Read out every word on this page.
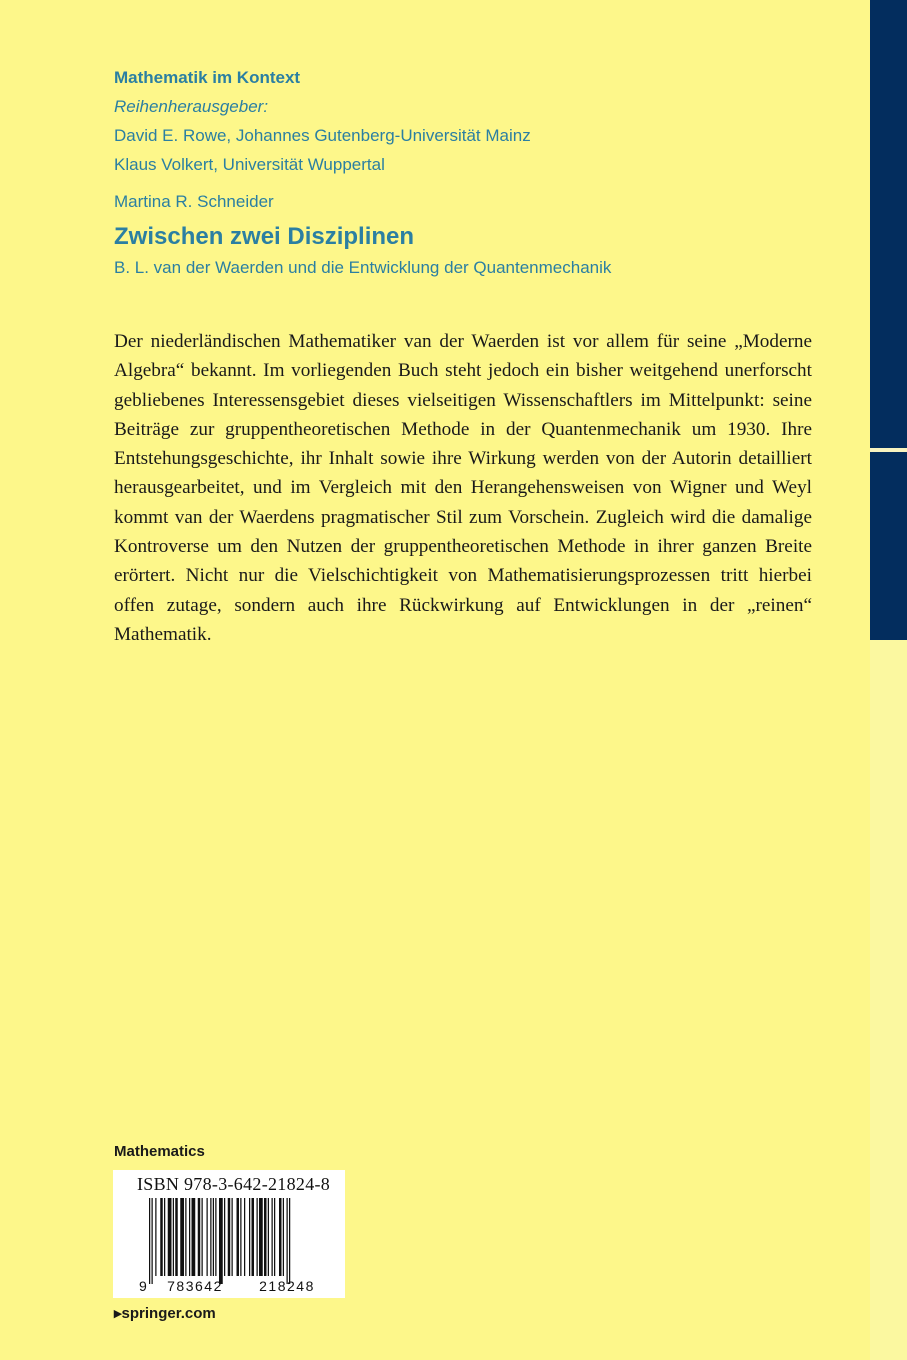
Mathematik im Kontext
Reihenherausgeber:
David E. Rowe, Johannes Gutenberg-Universität Mainz
Klaus Volkert, Universität Wuppertal
Martina R. Schneider
Zwischen zwei Disziplinen
B. L. van der Waerden und die Entwicklung der Quantenmechanik

Der niederländischen Mathematiker van der Waerden ist vor allem für seine „Moderne Algebra“ bekannt. Im vorliegenden Buch steht jedoch ein bisher weitgehend unerforscht gebliebenes Interessensgebiet dieses vielseitigen Wissenschaftlers im Mittelpunkt: seine Beiträge zur gruppentheoretischen Methode in der Quantenmechanik um 1930. Ihre Entstehungsgeschichte, ihr Inhalt sowie ihre Wirkung werden von der Autorin detailliert herausgearbeitet, und im Vergleich mit den Herangehensweisen von Wigner und Weyl kommt van der Waerdens pragmatischer Stil zum Vorschein. Zugleich wird die damalige Kontroverse um den Nutzen der gruppentheoretischen Methode in ihrer ganzen Breite erörtert. Nicht nur die Vielschichtigkeit von Mathematisierungsprozessen tritt hierbei offen zutage, sondern auch ihre Rückwirkung auf Entwicklungen in der „reinen“ Mathematik.

Mathematics
ISBN 978-3-642-21824-8
9 783642	218248
▸springer.com
